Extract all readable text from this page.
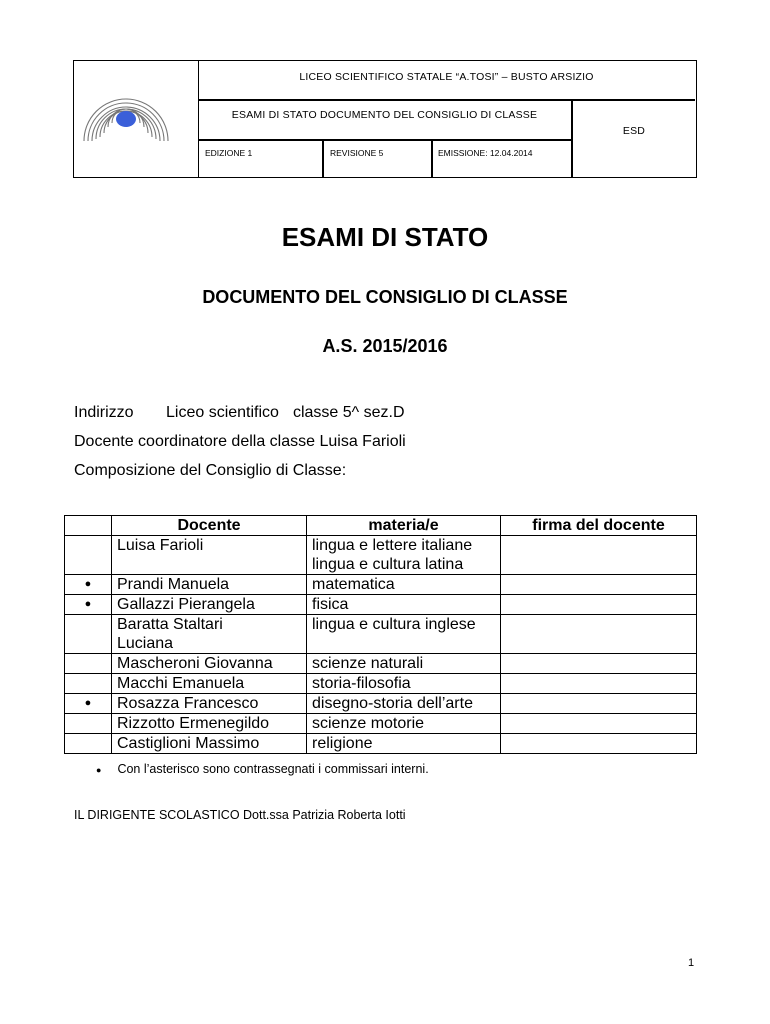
LICEO SCIENTIFICO STATALE “A.TOSI” – BUSTO ARSIZIO
ESAMI DI STATO DOCUMENTO DEL CONSIGLIO DI CLASSE
ESD
EDIZIONE 1	REVISIONE 5	EMISSIONE: 12.04.2014
ESAMI DI STATO
DOCUMENTO DEL CONSIGLIO DI CLASSE
A.S. 2015/2016
Indirizzo Liceo scientifico classe 5^ sez.D
Docente coordinatore della classe Luisa Farioli
Composizione del Consiglio di Classe:
	Docente	materia/e	firma del docente
	Luisa Farioli	lingua e lettere italiane
lingua e cultura latina	
●	Prandi Manuela	matematica	
●	Gallazzi Pierangela	fisica	
	Baratta Staltari
Luciana	lingua e cultura inglese	
	Mascheroni Giovanna	scienze naturali	
	Macchi Emanuela	storia-filosofia	
●	Rosazza Francesco	disegno-storia dell’arte	
	Rizzotto Ermenegildo	scienze motorie	
	Castiglioni Massimo	religione	
● Con l’asterisco sono contrassegnati i commissari interni.
IL DIRIGENTE SCOLASTICO Dott.ssa Patrizia Roberta Iotti
1
